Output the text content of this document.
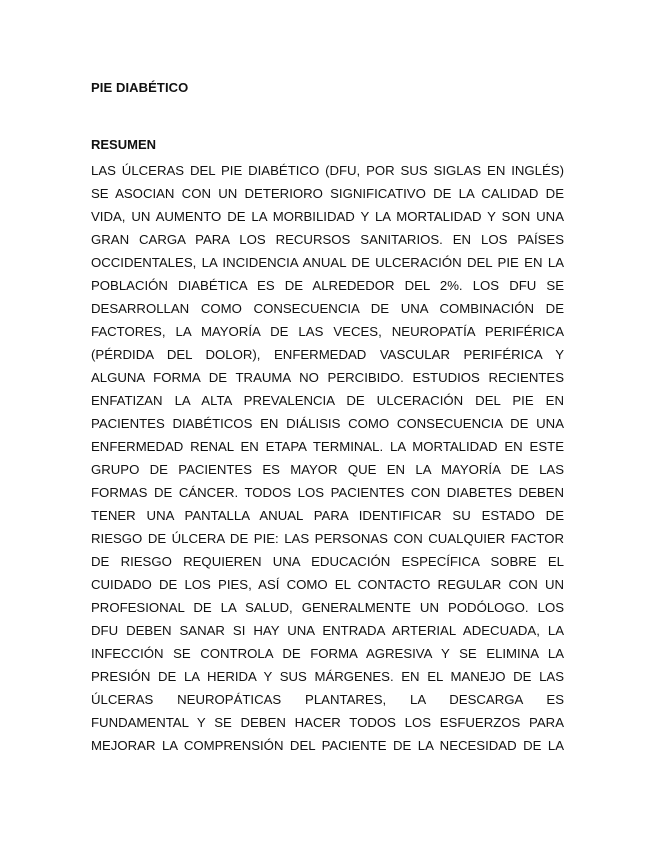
PIE DIABÉTICO
RESUMEN
LAS ÚLCERAS DEL PIE DIABÉTICO (DFU, POR SUS SIGLAS EN INGLÉS)
SE ASOCIAN CON UN DETERIORO SIGNIFICATIVO DE LA CALIDAD DE
VIDA, UN AUMENTO DE LA MORBILIDAD Y LA MORTALIDAD Y SON UNA
GRAN CARGA PARA LOS RECURSOS SANITARIOS. EN LOS PAÍSES
OCCIDENTALES, LA INCIDENCIA ANUAL DE ULCERACIÓN DEL PIE EN LA
POBLACIÓN DIABÉTICA ES DE ALREDEDOR DEL 2%. LOS DFU SE
DESARROLLAN COMO CONSECUENCIA DE UNA COMBINACIÓN DE
FACTORES, LA MAYORÍA DE LAS VECES, NEUROPATÍA PERIFÉRICA
(PÉRDIDA DEL DOLOR), ENFERMEDAD VASCULAR PERIFÉRICA Y
ALGUNA FORMA DE TRAUMA NO PERCIBIDO. ESTUDIOS RECIENTES
ENFATIZAN LA ALTA PREVALENCIA DE ULCERACIÓN DEL PIE EN
PACIENTES DIABÉTICOS EN DIÁLISIS COMO CONSECUENCIA DE UNA
ENFERMEDAD RENAL EN ETAPA TERMINAL. LA MORTALIDAD EN ESTE
GRUPO DE PACIENTES ES MAYOR QUE EN LA MAYORÍA DE LAS
FORMAS DE CÁNCER. TODOS LOS PACIENTES CON DIABETES DEBEN
TENER UNA PANTALLA ANUAL PARA IDENTIFICAR SU ESTADO DE
RIESGO DE ÚLCERA DE PIE: LAS PERSONAS CON CUALQUIER FACTOR
DE RIESGO REQUIEREN UNA EDUCACIÓN ESPECÍFICA SOBRE EL
CUIDADO DE LOS PIES, ASÍ COMO EL CONTACTO REGULAR CON UN
PROFESIONAL DE LA SALUD, GENERALMENTE UN PODÓLOGO. LOS
DFU DEBEN SANAR SI HAY UNA ENTRADA ARTERIAL ADECUADA, LA
INFECCIÓN SE CONTROLA DE FORMA AGRESIVA Y SE ELIMINA LA
PRESIÓN DE LA HERIDA Y SUS MÁRGENES. EN EL MANEJO DE LAS
ÚLCERAS NEUROPÁTICAS PLANTARES, LA DESCARGA ES
FUNDAMENTAL Y SE DEBEN HACER TODOS LOS ESFUERZOS PARA
MEJORAR LA COMPRENSIÓN DEL PACIENTE DE LA NECESIDAD DE LA
